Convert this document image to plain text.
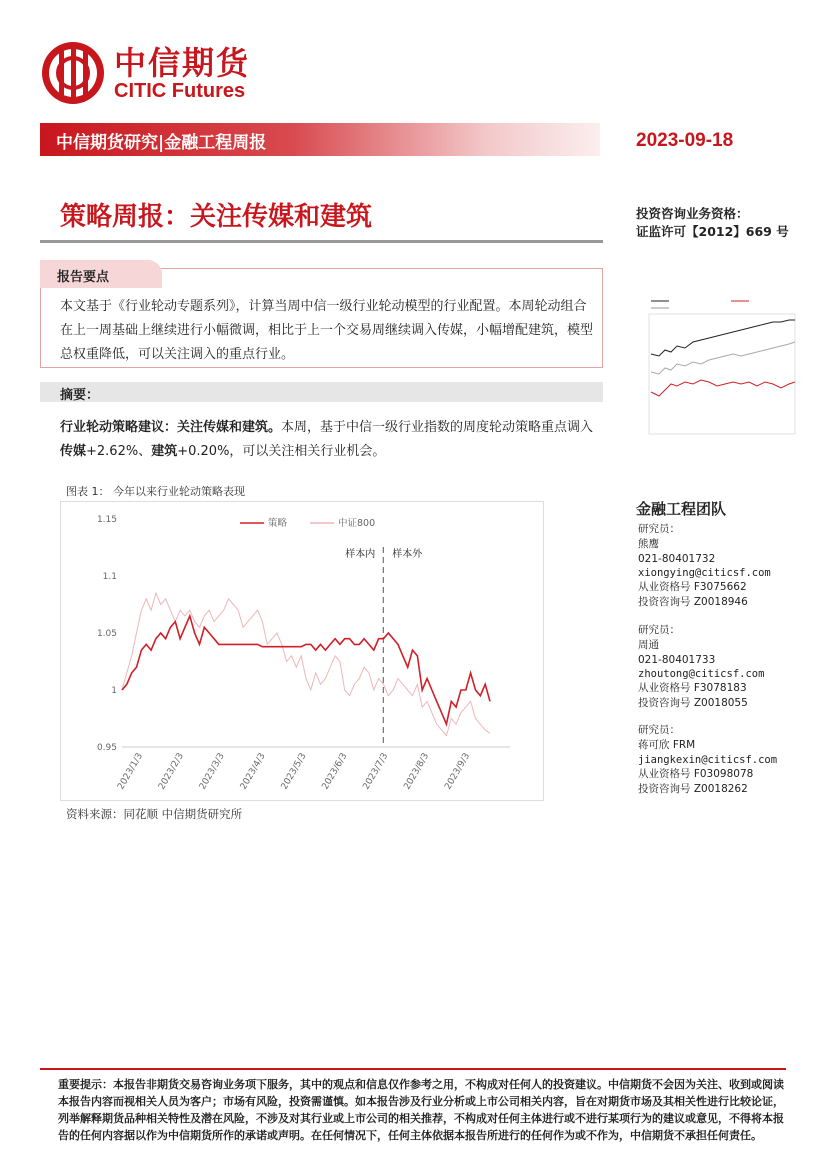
中信期货
CITIC Futures
中信期货研究|金融工程周报	2023-09-18
策略周报：关注传媒和建筑	投资咨询业务资格：
证监许可【2012】669 号
报告要点
本文基于《行业轮动专题系列》，计算当周中信一级行业轮动模型的行业配置。本周轮动组合在上一周基础上继续进行小幅微调，相比于上一个交易周继续调入传媒，小幅增配建筑，模型总权重降低，可以关注调入的重点行业。
摘要：
行业轮动策略建议：关注传媒和建筑。本周，基于中信一级行业指数的周度轮动策略重点调入传媒+2.62%、建筑+0.20%，可以关注相关行业机会。
图表 1： 今年以来行业轮动策略表现
1.15
1.1
1.05
1
0.95
2023/1/3 2023/2/3 2023/3/3 2023/4/3 2023/5/3 2023/6/3 2023/7/3 2023/8/3 2023/9/3
样本内 样本外
策略	中证800
资料来源：同花顺 中信期货研究所
金融工程团队
研究员：
熊鹰
021-80401732
xiongying@citicsf.com
从业资格号 F3075662
投资咨询号 Z0018946
研究员：
周通
021-80401733
zhoutong@citicsf.com
从业资格号 F3078183
投资咨询号 Z0018055
研究员：
蒋可欣 FRM
jiangkexin@citicsf.com
从业资格号 F03098078
投资咨询号 Z0018262
重要提示：本报告非期货交易咨询业务项下服务，其中的观点和信息仅作参考之用，不构成对任何人的投资建议。中信期货不会因为关注、收到或阅读本报告内容而视相关人员为客户；市场有风险，投资需谨慎。如本报告涉及行业分析或上市公司相关内容，旨在对期货市场及其相关性进行比较论证，列举解释期货品种相关特性及潜在风险，不涉及对其行业或上市公司的相关推荐，不构成对任何主体进行或不进行某项行为的建议或意见，不得将本报告的任何内容据以作为中信期货所作的承诺或声明。在任何情况下，任何主体依据本报告所进行的任何作为或不作为，中信期货不承担任何责任。
